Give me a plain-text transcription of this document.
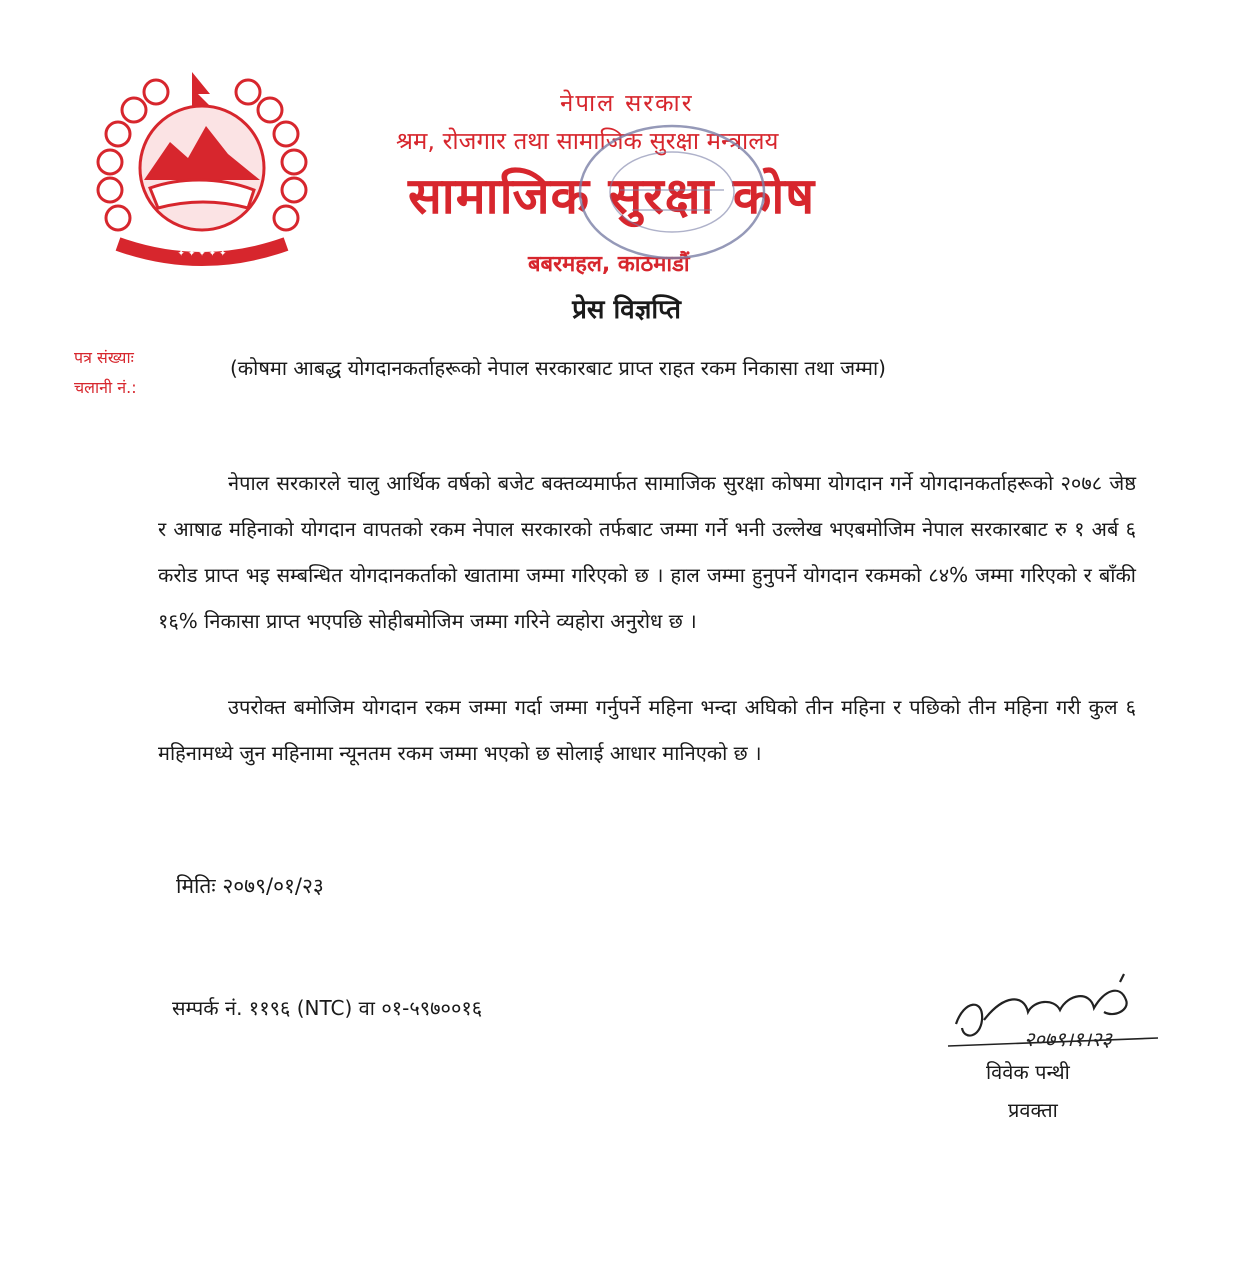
✦ ✦ ✦ ✦ ✦
नेपाल सरकार
श्रम, रोजगार तथा सामाजिक सुरक्षा मन्त्रालय
सामाजिक सुरक्षा कोष
बबरमहल, काठमाडौं
प्रेस विज्ञप्ति
पत्र संख्याः
चलानी नं.:
(कोषमा आबद्ध योगदानकर्ताहरूको नेपाल सरकारबाट प्राप्त राहत रकम निकासा तथा जम्मा)

नेपाल सरकारले चालु आर्थिक वर्षको बजेट बक्तव्यमार्फत सामाजिक सुरक्षा कोषमा योगदान गर्ने योगदानकर्ताहरूको २०७८ जेष्ठ र आषाढ महिनाको योगदान वापतको रकम नेपाल सरकारको तर्फबाट जम्मा गर्ने भनी उल्लेख भएबमोजिम नेपाल सरकारबाट रु १ अर्ब ६ करोड प्राप्त भइ सम्बन्धित योगदानकर्ताको खातामा जम्मा गरिएको छ । हाल जम्मा हुनुपर्ने योगदान रकमको ८४% जम्मा गरिएको र बाँकी १६% निकासा प्राप्त भएपछि सोहीबमोजिम जम्मा गरिने व्यहोरा अनुरोध छ ।

उपरोक्त बमोजिम योगदान रकम जम्मा गर्दा जम्मा गर्नुपर्ने महिना भन्दा अघिको तीन महिना र पछिको तीन महिना गरी कुल ६ महिनामध्ये जुन महिनामा न्यूनतम रकम जम्मा भएको छ सोलाई आधार मानिएको छ ।

मितिः २०७९/०१/२३
सम्पर्क नं. ११९६ (NTC) वा ०१-५९७००१६
२०७९।१।२३
विवेक पन्थी
प्रवक्ता
